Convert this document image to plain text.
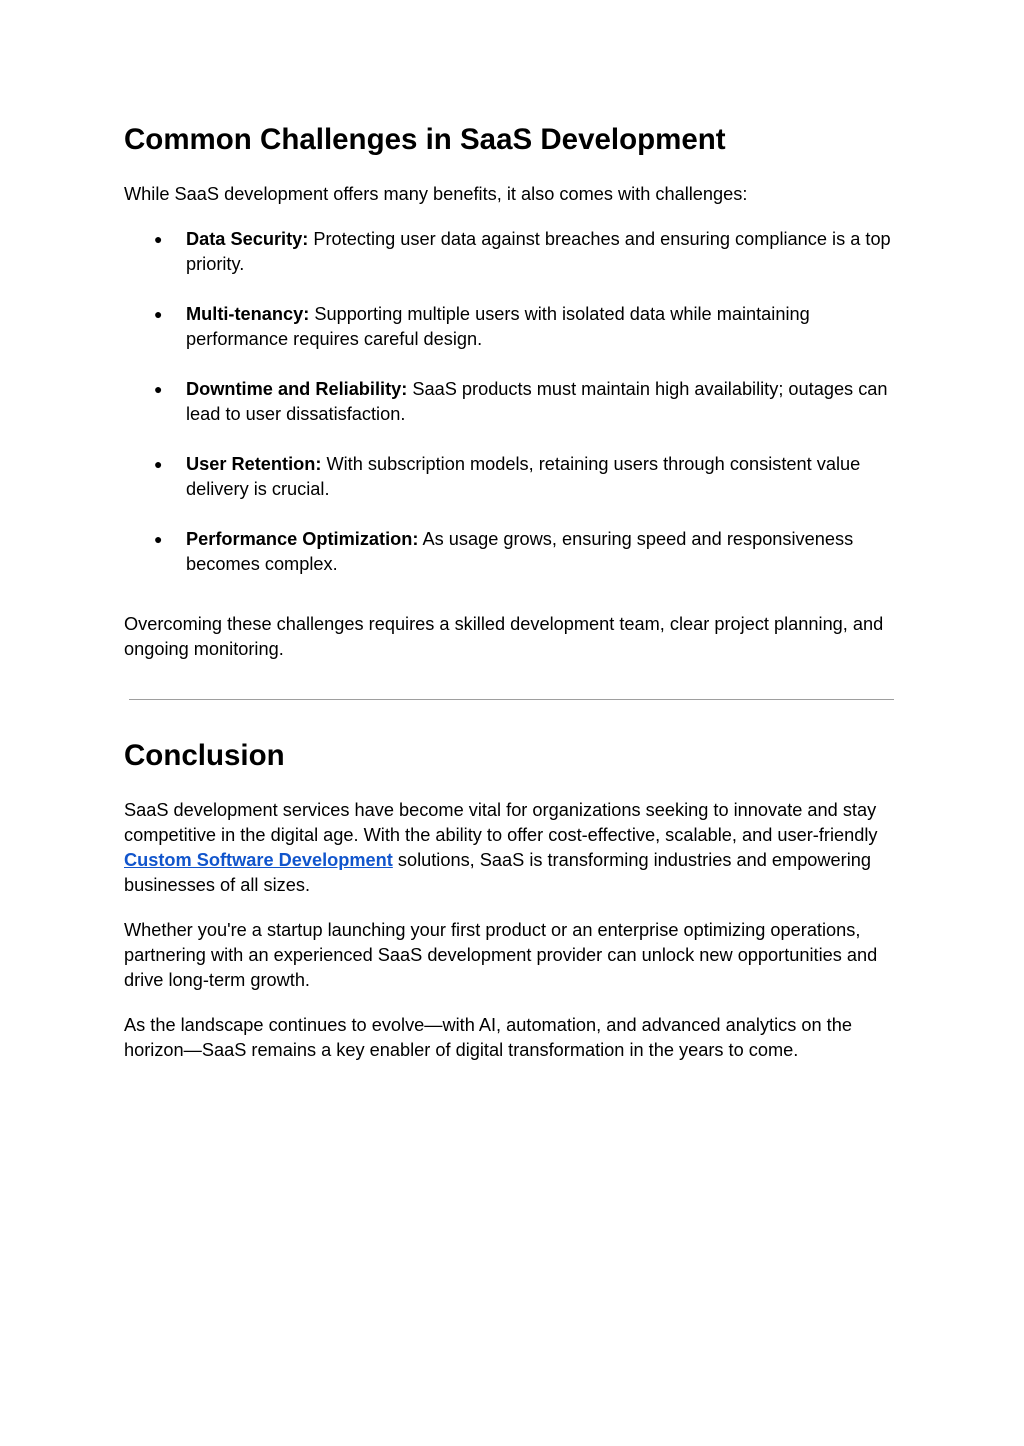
Common Challenges in SaaS Development

While SaaS development offers many benefits, it also comes with challenges:

● Data Security: Protecting user data against breaches and ensuring compliance is a top priority.
● Multi-tenancy: Supporting multiple users with isolated data while maintaining performance requires careful design.
● Downtime and Reliability: SaaS products must maintain high availability; outages can lead to user dissatisfaction.
● User Retention: With subscription models, retaining users through consistent value delivery is crucial.
● Performance Optimization: As usage grows, ensuring speed and responsiveness becomes complex.

Overcoming these challenges requires a skilled development team, clear project planning, and ongoing monitoring.

Conclusion

SaaS development services have become vital for organizations seeking to innovate and stay competitive in the digital age. With the ability to offer cost-effective, scalable, and user-friendly Custom Software Development solutions, SaaS is transforming industries and empowering businesses of all sizes.

Whether you're a startup launching your first product or an enterprise optimizing operations, partnering with an experienced SaaS development provider can unlock new opportunities and drive long-term growth.

As the landscape continues to evolve—with AI, automation, and advanced analytics on the horizon—SaaS remains a key enabler of digital transformation in the years to come.
